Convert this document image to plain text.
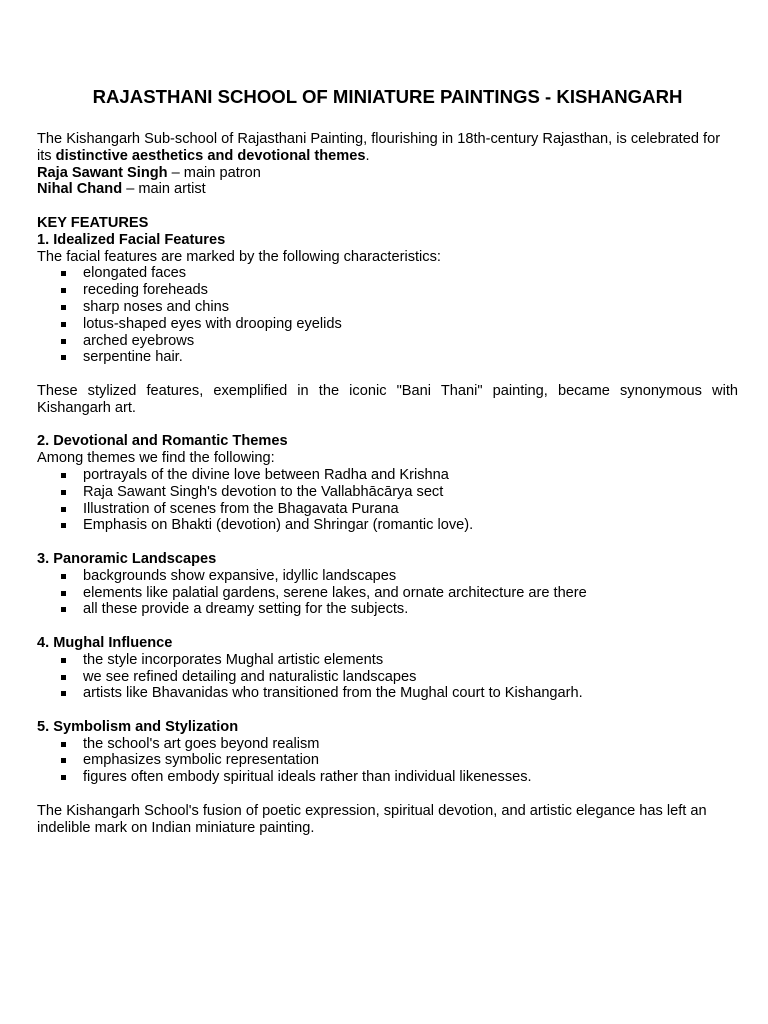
RAJASTHANI SCHOOL OF MINIATURE PAINTINGS - KISHANGARH

The Kishangarh Sub-school of Rajasthani Painting, flourishing in 18th-century Rajasthan, is celebrated for its distinctive aesthetics and devotional themes.

Raja Sawant Singh – main patron

Nihal Chand – main artist

KEY FEATURES

1. Idealized Facial Features

The facial features are marked by the following characteristics:

elongated faces
receding foreheads
sharp noses and chins
lotus-shaped eyes with drooping eyelids
arched eyebrows
serpentine hair.

These stylized features, exemplified in the iconic "Bani Thani" painting, became synonymous with Kishangarh art.

2. Devotional and Romantic Themes

Among themes we find the following:

portrayals of the divine love between Radha and Krishna
Raja Sawant Singh's devotion to the Vallabhācārya sect
Illustration of scenes from the Bhagavata Purana
Emphasis on Bhakti (devotion) and Shringar (romantic love).

3. Panoramic Landscapes

backgrounds show expansive, idyllic landscapes
elements like palatial gardens, serene lakes, and ornate architecture are there
all these provide a dreamy setting for the subjects.

4. Mughal Influence

the style incorporates Mughal artistic elements
we see refined detailing and naturalistic landscapes
artists like Bhavanidas who transitioned from the Mughal court to Kishangarh.

5. Symbolism and Stylization

the school's art goes beyond realism
emphasizes symbolic representation
figures often embody spiritual ideals rather than individual likenesses.

The Kishangarh School's fusion of poetic expression, spiritual devotion, and artistic elegance has left an indelible mark on Indian miniature painting.
